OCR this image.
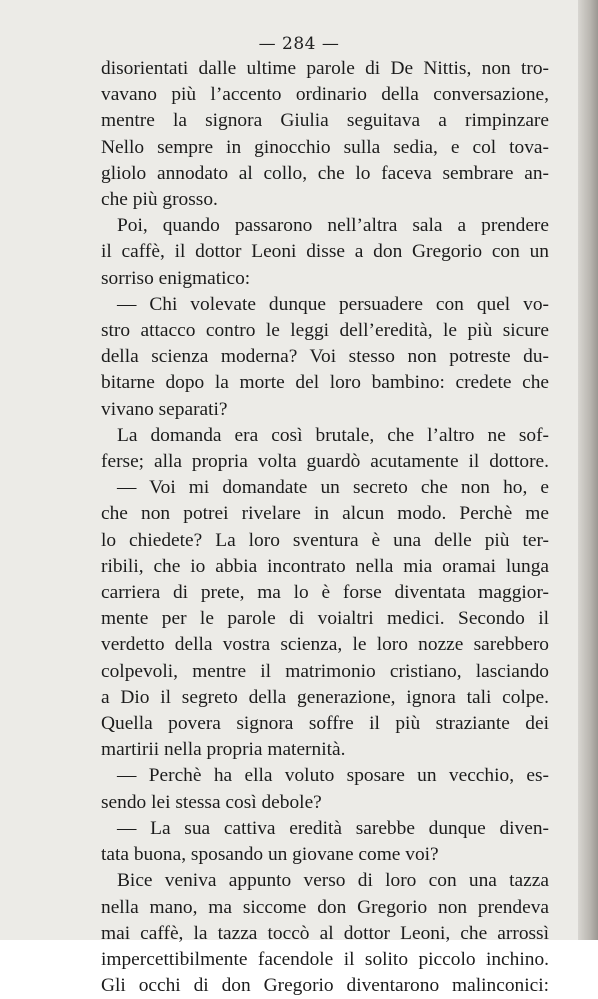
— 284 —
disorientati dalle ultime parole di De Nittis, non tro-
vavano più l’accento ordinario della conversazione,
mentre la signora Giulia seguitava a rimpinzare
Nello sempre in ginocchio sulla sedia, e col tova-
gliolo annodato al collo, che lo faceva sembrare an-
che più grosso.
Poi, quando passarono nell’altra sala a prendere
il caffè, il dottor Leoni disse a don Gregorio con un
sorriso enigmatico:
— Chi volevate dunque persuadere con quel vo-
stro attacco contro le leggi dell’eredità, le più sicure
della scienza moderna? Voi stesso non potreste du-
bitarne dopo la morte del loro bambino: credete che
vivano separati?
La domanda era così brutale, che l’altro ne sof-
ferse; alla propria volta guardò acutamente il dottore.
— Voi mi domandate un secreto che non ho, e
che non potrei rivelare in alcun modo. Perchè me
lo chiedete? La loro sventura è una delle più ter-
ribili, che io abbia incontrato nella mia oramai lunga
carriera di prete, ma lo è forse diventata maggior-
mente per le parole di voialtri medici. Secondo il
verdetto della vostra scienza, le loro nozze sarebbero
colpevoli, mentre il matrimonio cristiano, lasciando
a Dio il segreto della generazione, ignora tali colpe.
Quella povera signora soffre il più straziante dei
martirii nella propria maternità.
— Perchè ha ella voluto sposare un vecchio, es-
sendo lei stessa così debole?
— La sua cattiva eredità sarebbe dunque diven-
tata buona, sposando un giovane come voi?
Bice veniva appunto verso di loro con una tazza
nella mano, ma siccome don Gregorio non prendeva
mai caffè, la tazza toccò al dottor Leoni, che arrossì
impercettibilmente facendole il solito piccolo inchino.
Gli occhi di don Gregorio diventarono malinconici:
